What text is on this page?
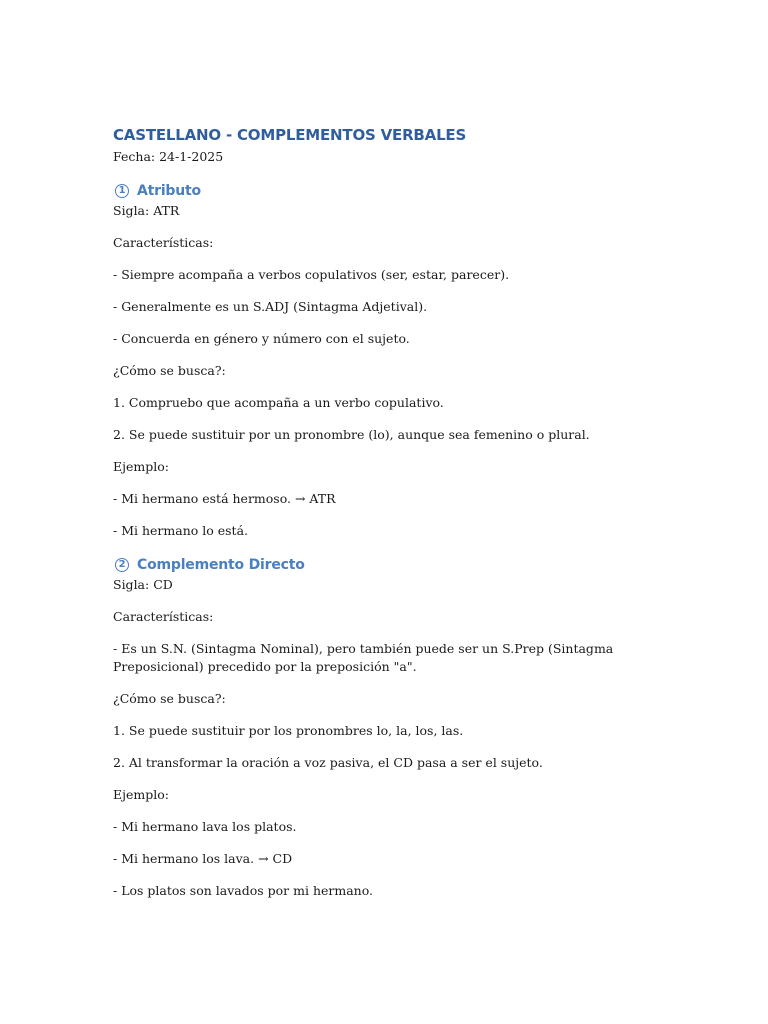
CASTELLANO - COMPLEMENTOS VERBALES

Fecha: 24-1-2025

1 Atributo

Sigla: ATR

Características:

- Siempre acompaña a verbos copulativos (ser, estar, parecer).

- Generalmente es un S.ADJ (Sintagma Adjetival).

- Concuerda en género y número con el sujeto.

¿Cómo se busca?:

1. Compruebo que acompaña a un verbo copulativo.

2. Se puede sustituir por un pronombre (lo), aunque sea femenino o plural.

Ejemplo:

- Mi hermano está hermoso. → ATR

- Mi hermano lo está.

2 Complemento Directo

Sigla: CD

Características:

- Es un S.N. (Sintagma Nominal), pero también puede ser un S.Prep (Sintagma Preposicional) precedido por la preposición "a".

¿Cómo se busca?:

1. Se puede sustituir por los pronombres lo, la, los, las.

2. Al transformar la oración a voz pasiva, el CD pasa a ser el sujeto.

Ejemplo:

- Mi hermano lava los platos.

- Mi hermano los lava. → CD

- Los platos son lavados por mi hermano.
